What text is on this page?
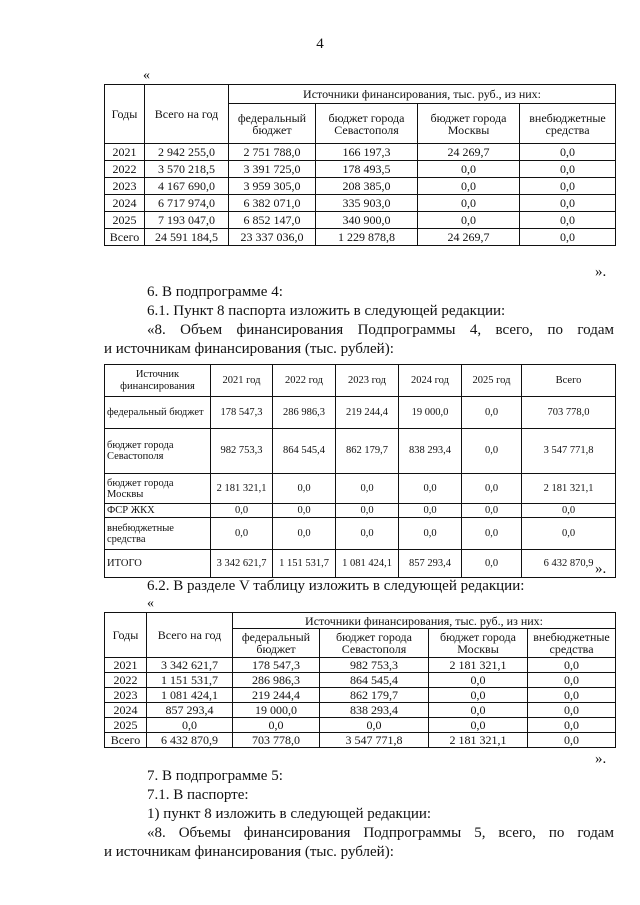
4
«
Годы	Всего на год	Источники финансирования, тыс. руб., из них:			
		федеральный бюджет	бюджет города Севастополя	бюджет города Москвы	внебюджетные средства
2021	2 942 255,0	2 751 788,0	166 197,3	24 269,7	0,0
2022	3 570 218,5	3 391 725,0	178 493,5	0,0	0,0
2023	4 167 690,0	3 959 305,0	208 385,0	0,0	0,0
2024	6 717 974,0	6 382 071,0	335 903,0	0,0	0,0
2025	7 193 047,0	6 852 147,0	340 900,0	0,0	0,0
Всего	24 591 184,5	23 337 036,0	1 229 878,8	24 269,7	0,0
».
6. В подпрограмме 4:
6.1. Пункт 8 паспорта изложить в следующей редакции:
«8. Объем финансирования Подпрограммы 4, всего, по годам
и источникам финансирования (тыс. рублей):
Источник финансирования	2021 год	2022 год	2023 год	2024 год	2025 год	Всего
федеральный бюджет	178 547,3	286 986,3	219 244,4	19 000,0	0,0	703 778,0
бюджет города Севастополя	982 753,3	864 545,4	862 179,7	838 293,4	0,0	3 547 771,8
бюджет города Москвы	2 181 321,1	0,0	0,0	0,0	0,0	2 181 321,1
ФСР ЖКХ	0,0	0,0	0,0	0,0	0,0	0,0
внебюджетные средства	0,0	0,0	0,0	0,0	0,0	0,0
ИТОГО	3 342 621,7	1 151 531,7	1 081 424,1	857 293,4	0,0	6 432 870,9 ».
6.2. В разделе V таблицу изложить в следующей редакции:
«
Годы	Всего на год	Источники финансирования, тыс. руб., из них:			
		федеральный бюджет	бюджет города Севастополя	бюджет города Москвы	внебюджетные средства
2021	3 342 621,7	178 547,3	982 753,3	2 181 321,1	0,0
2022	1 151 531,7	286 986,3	864 545,4	0,0	0,0
2023	1 081 424,1	219 244,4	862 179,7	0,0	0,0
2024	857 293,4	19 000,0	838 293,4	0,0	0,0
2025	0,0	0,0	0,0	0,0	0,0
Всего	6 432 870,9	703 778,0	3 547 771,8	2 181 321,1	0,0
».
7. В подпрограмме 5:
7.1. В паспорте:
1) пункт 8 изложить в следующей редакции:
«8. Объемы финансирования Подпрограммы 5, всего, по годам
и источникам финансирования (тыс. рублей):
